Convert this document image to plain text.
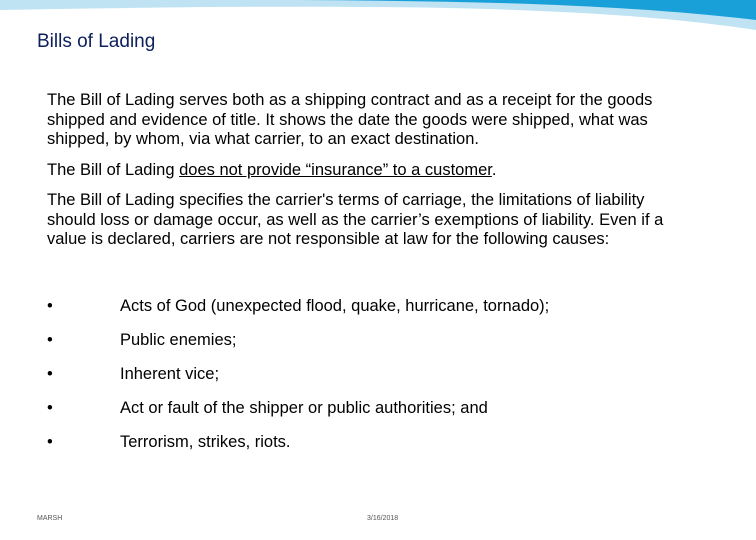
Bills of Lading

The Bill of Lading serves both as a shipping contract and as a receipt for the goods shipped and evidence of title. It shows the date the goods were shipped, what was shipped, by whom, via what carrier, to an exact destination.

The Bill of Lading does not provide “insurance” to a customer.

The Bill of Lading specifies the carrier's terms of carriage, the limitations of liability should loss or damage occur, as well as the carrier’s exemptions of liability. Even if a value is declared, carriers are not responsible at law for the following causes:

•	Acts of God (unexpected flood, quake, hurricane, tornado);
•	Public enemies;
•	Inherent vice;
•	Act or fault of the shipper or public authorities; and
•	Terrorism, strikes, riots.
MARSH	3/16/2018
